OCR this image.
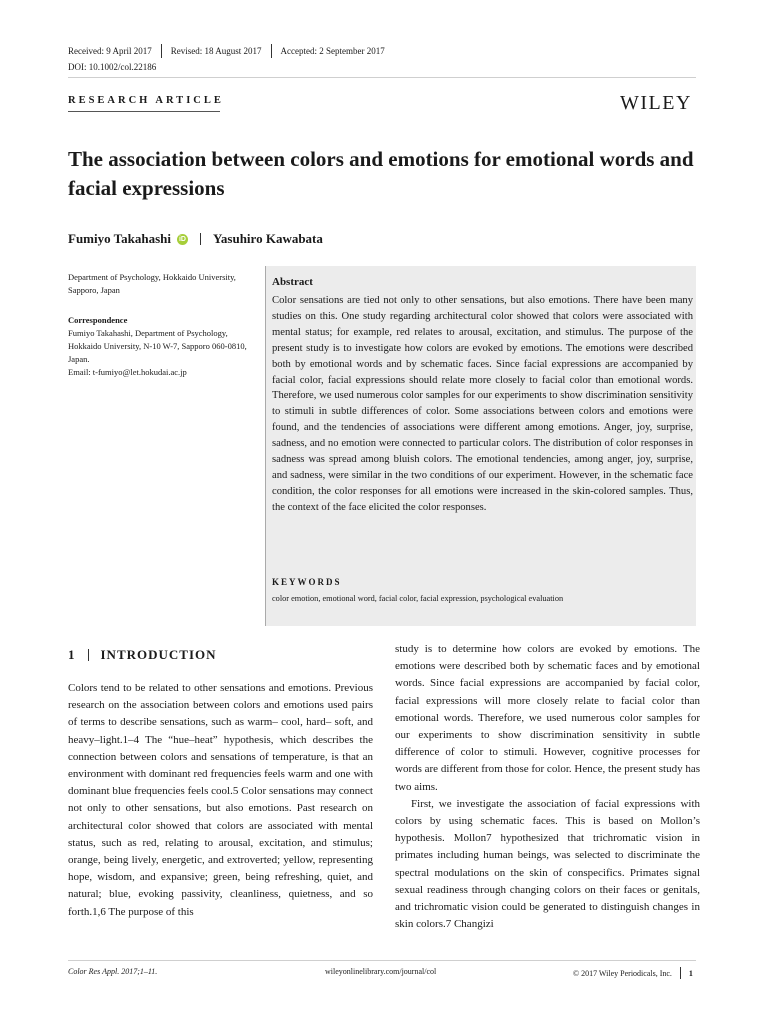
Received: 9 April 2017 Revised: 18 August 2017 Accepted: 2 September 2017
DOI: 10.1002/col.22186
RESEARCH ARTICLE	WILEY
The association between colors and emotions for emotional words and facial expressions
Fumiyo Takahashi iD Yasuhiro Kawabata
Department of Psychology, Hokkaido University, Sapporo, Japan
Correspondence
Fumiyo Takahashi, Department of Psychology, Hokkaido University, N-10 W-7, Sapporo 060-0810, Japan.
Email: t-fumiyo@let.hokudai.ac.jp
Abstract
Color sensations are tied not only to other sensations, but also emotions. There have been many studies on this. One study regarding architectural color showed that colors were associated with mental status; for example, red relates to arousal, excitation, and stimulus. The purpose of the present study is to investigate how colors are evoked by emotions. The emotions were described both by emotional words and by schematic faces. Since facial expressions are accompanied by facial color, facial expressions should relate more closely to facial color than emotional words. Therefore, we used numerous color samples for our experiments to show discrimination sensitivity to stimuli in subtle differences of color. Some associations between colors and emotions were found, and the tendencies of associations were different among emotions. Anger, joy, surprise, sadness, and no emotion were connected to particular colors. The distribution of color responses in sadness was spread among bluish colors. The emotional tendencies, among anger, joy, surprise, and sadness, were similar in the two conditions of our experiment. However, in the schematic face condition, the color responses for all emotions were increased in the skin-colored samples. Thus, the context of the face elicited the color responses.
KEYWORDS
color emotion, emotional word, facial color, facial expression, psychological evaluation
1 INTRODUCTION
Colors tend to be related to other sensations and emotions. Previous research on the association between colors and emotions used pairs of terms to describe sensations, such as warm– cool, hard– soft, and heavy–light.1–4 The “hue–heat” hypothesis, which describes the connection between colors and sensations of temperature, is that an environment with dominant red frequencies feels warm and one with dominant blue frequencies feels cool.5 Color sensations may connect not only to other sensations, but also emotions. Past research on architectural color showed that colors are associated with mental status, such as red, relating to arousal, excitation, and stimulus; orange, being lively, energetic, and extroverted; yellow, representing hope, wisdom, and expansive; green, being refreshing, quiet, and natural; blue, evoking passivity, cleanliness, quietness, and so forth.1,6 The purpose of this

study is to determine how colors are evoked by emotions. The emotions were described both by schematic faces and by emotional words. Since facial expressions are accompanied by facial color, facial expressions will more closely relate to facial color than emotional words. Therefore, we used numerous color samples for our experiments to show discrimination sensitivity in subtle difference of color to stimuli. However, cognitive processes for words are different from those for color. Hence, the present study has two aims.

First, we investigate the association of facial expressions with colors by using schematic faces. This is based on Mollon’s hypothesis. Mollon7 hypothesized that trichromatic vision in primates including human beings, was selected to discriminate the spectral modulations on the skin of conspecifics. Primates signal sexual readiness through changing colors on their faces or genitals, and trichromatic vision could be generated to distinguish changes in skin colors.7 Changizi

Color Res Appl. 2017;1–11.	wileyonlinelibrary.com/journal/col	© 2017 Wiley Periodicals, Inc. 1
